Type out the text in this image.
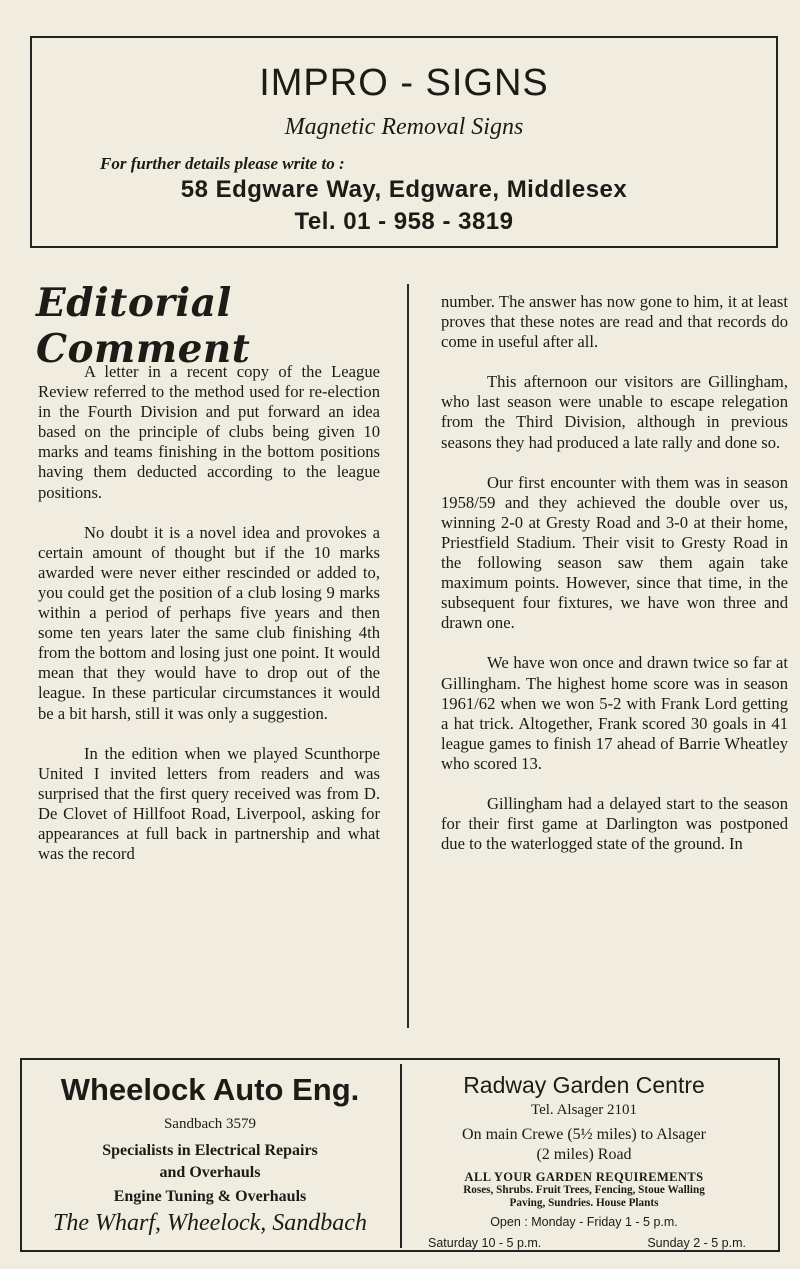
IMPRO - SIGNS
Magnetic Removal Signs
For further details please write to :
58 Edgware Way, Edgware, Middlesex
Tel. 01 - 958 - 3819
Editorial Comment

A letter in a recent copy of the League Review referred to the method used for re-election in the Fourth Division and put forward an idea based on the principle of clubs being given 10 marks and teams finishing in the bottom positions having them deducted according to the league positions.

No doubt it is a novel idea and provokes a certain amount of thought but if the 10 marks awarded were never either rescinded or added to, you could get the position of a club losing 9 marks within a period of perhaps five years and then some ten years later the same club finishing 4th from the bottom and losing just one point. It would mean that they would have to drop out of the league. In these particular circumstances it would be a bit harsh, still it was only a suggestion.

In the edition when we played Scunthorpe United I invited letters from readers and was surprised that the first query received was from D. De Clovet of Hillfoot Road, Liverpool, asking for appearances at full back in partnership and what was the record

number. The answer has now gone to him, it at least proves that these notes are read and that records do come in useful after all.

This afternoon our visitors are Gillingham, who last season were unable to escape relegation from the Third Division, although in previous seasons they had produced a late rally and done so.

Our first encounter with them was in season 1958/59 and they achieved the double over us, winning 2-0 at Gresty Road and 3-0 at their home, Priestfield Stadium. Their visit to Gresty Road in the following season saw them again take maximum points. However, since that time, in the subsequent four fixtures, we have won three and drawn one.

We have won once and drawn twice so far at Gillingham. The highest home score was in season 1961/62 when we won 5-2 with Frank Lord getting a hat trick. Altogether, Frank scored 30 goals in 41 league games to finish 17 ahead of Barrie Wheatley who scored 13.

Gillingham had a delayed start to the season for their first game at Darlington was postponed due to the waterlogged state of the ground. In

Wheelock Auto Eng.
Sandbach 3579
Specialists in Electrical Repairs
and Overhauls
Engine Tuning & Overhauls
The Wharf, Wheelock, Sandbach
Radway Garden Centre
Tel. Alsager 2101
On main Crewe (5½ miles) to Alsager
(2 miles) Road
ALL YOUR GARDEN REQUIREMENTS
Roses, Shrubs. Fruit Trees, Fencing, Stoue Walling
Paving, Sundries. House Plants
Open : Monday - Friday 1 - 5 p.m.
Saturday 10 - 5 p.m.	Sunday 2 - 5 p.m.
